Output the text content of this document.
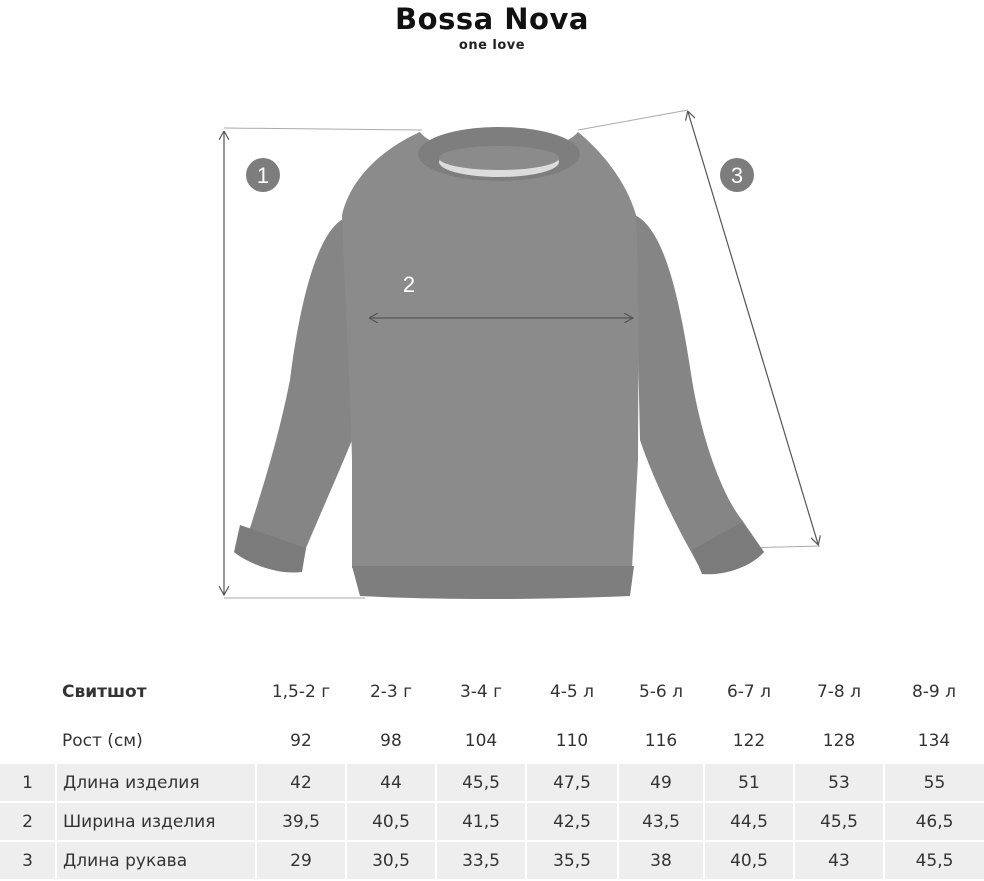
Bossa Nova
one love
1
2
3
	Свитшот	1,5-2 г	2-3 г	3-4 г	4-5 л	5-6 л	6-7 л	7-8 л	8-9 л
	Рост (см)	92	98	104	110	116	122	128	134
1	Длина изделия	42	44	45,5	47,5	49	51	53	55
2	Ширина изделия	39,5	40,5	41,5	42,5	43,5	44,5	45,5	46,5
3	Длина рукава	29	30,5	33,5	35,5	38	40,5	43	45,5
